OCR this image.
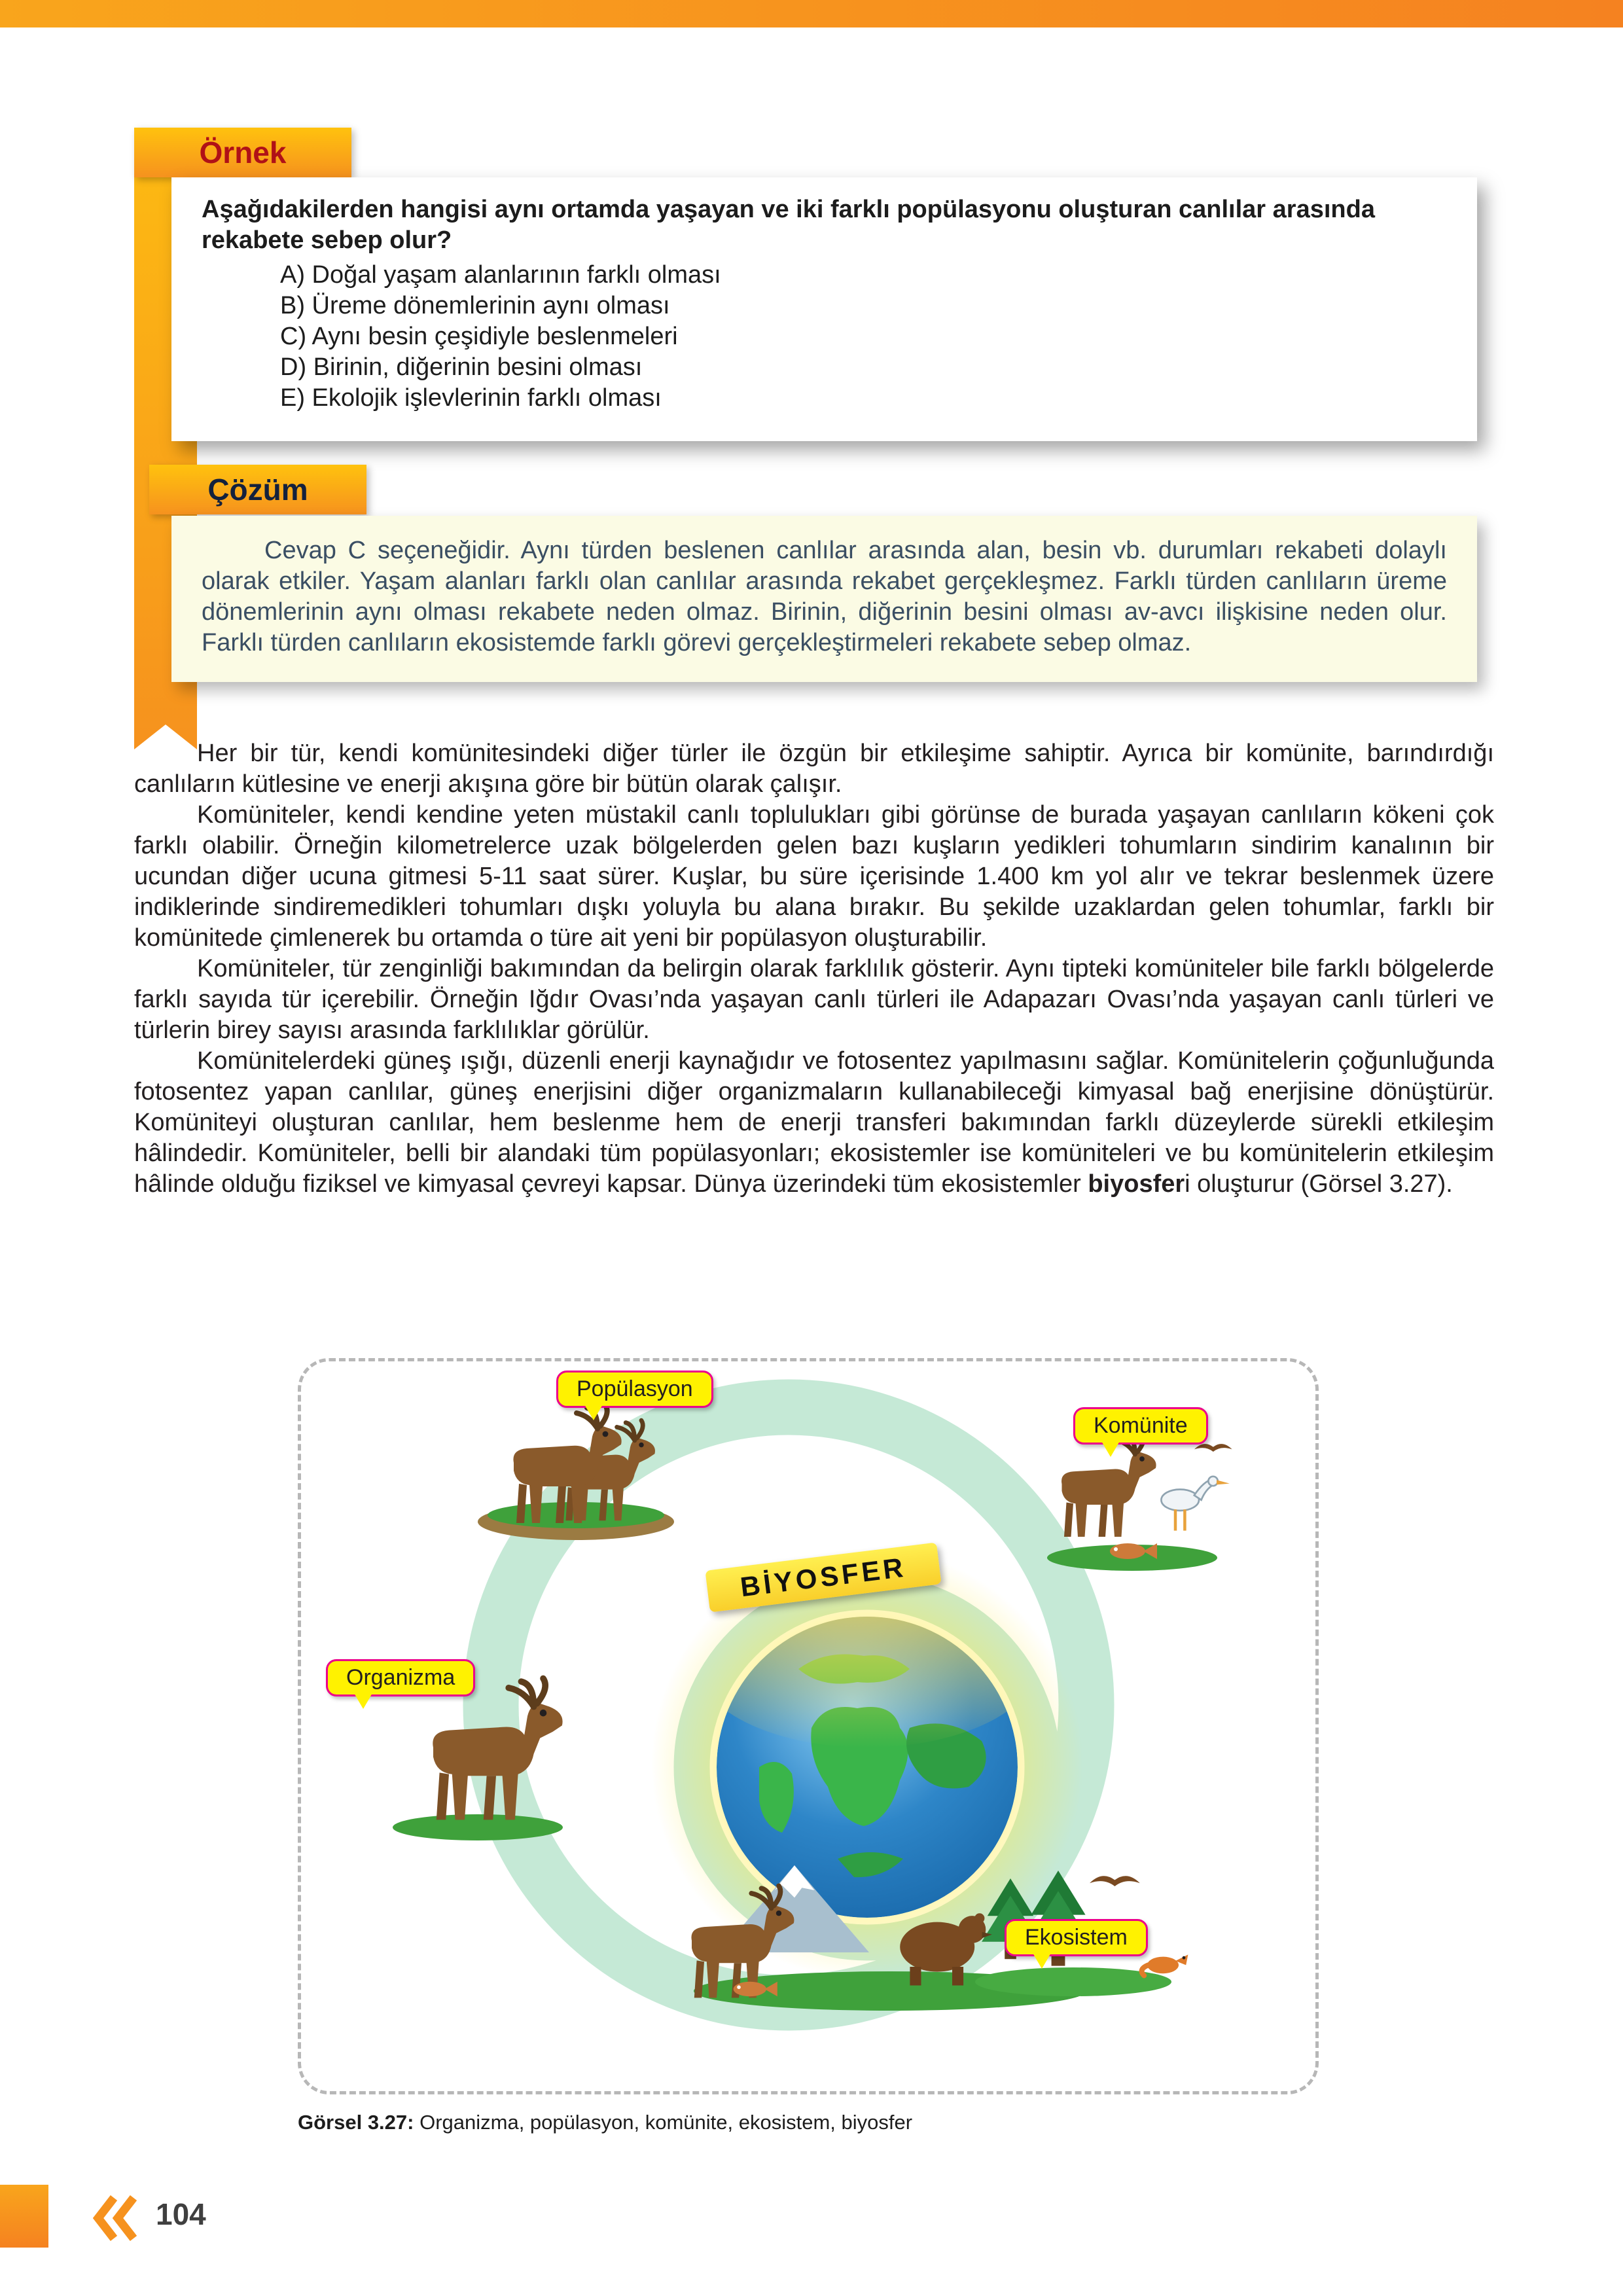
Örnek
Aşağıdakilerden hangisi aynı ortamda yaşayan ve iki farklı popülasyonu oluşturan canlılar arasında rekabete sebep olur?
A) Doğal yaşam alanlarının farklı olması
B) Üreme dönemlerinin aynı olması
C) Aynı besin çeşidiyle beslenmeleri
D) Birinin, diğerinin besini olması
E) Ekolojik işlevlerinin farklı olması
Çözüm

Cevap C seçeneğidir. Aynı türden beslenen canlılar arasında alan, besin vb. durumları rekabeti dolaylı olarak etkiler. Yaşam alanları farklı olan canlılar arasında rekabet gerçekleşmez. Farklı türden canlıların üreme dönemlerinin aynı olması rekabete neden olmaz. Birinin, diğerinin besini olması av-avcı ilişkisine neden olur. Farklı türden canlıların ekosistemde farklı görevi gerçekleştirmeleri rekabete sebep olmaz.

Her bir tür, kendi komünitesindeki diğer türler ile özgün bir etkileşime sahiptir. Ayrıca bir komünite, barındırdığı canlıların kütlesine ve enerji akışına göre bir bütün olarak çalışır.

Komüniteler, kendi kendine yeten müstakil canlı toplulukları gibi görünse de burada yaşayan canlıların kökeni çok farklı olabilir. Örneğin kilometrelerce uzak bölgelerden gelen bazı kuşların yedikleri tohumların sindirim kanalının bir ucundan diğer ucuna gitmesi 5-11 saat sürer. Kuşlar, bu süre içerisinde 1.400 km yol alır ve tekrar beslenmek üzere indiklerinde sindiremedikleri tohumları dışkı yoluyla bu alana bırakır. Bu şekilde uzaklardan gelen tohumlar, farklı bir komünitede çimlenerek bu ortamda o türe ait yeni bir popülasyon oluşturabilir.

Komüniteler, tür zenginliği bakımından da belirgin olarak farklılık gösterir. Aynı tipteki komüniteler bile farklı bölgelerde farklı sayıda tür içerebilir. Örneğin Iğdır Ovası’nda yaşayan canlı türleri ile Adapazarı Ovası’nda yaşayan canlı türleri ve türlerin birey sayısı arasında farklılıklar görülür.

Komünitelerdeki güneş ışığı, düzenli enerji kaynağıdır ve fotosentez yapılmasını sağlar. Komünitelerin çoğunluğunda fotosentez yapan canlılar, güneş enerjisini diğer organizmaların kullanabileceği kimyasal bağ enerjisine dönüştürür. Komüniteyi oluşturan canlılar, hem beslenme hem de enerji transferi bakımından farklı düzeylerde sürekli etkileşim hâlindedir. Komüniteler, belli bir alandaki tüm popülasyonları; ekosistemler ise komüniteleri ve bu komünitelerin etkileşim hâlinde olduğu fiziksel ve kimyasal çevreyi kapsar. Dünya üzerindeki tüm ekosistemler biyosferi oluşturur (Görsel 3.27).

Popülasyon
Komünite
Organizma
Ekosistem
BİYOSFER
Görsel 3.27: Organizma, popülasyon, komünite, ekosistem, biyosfer
104
